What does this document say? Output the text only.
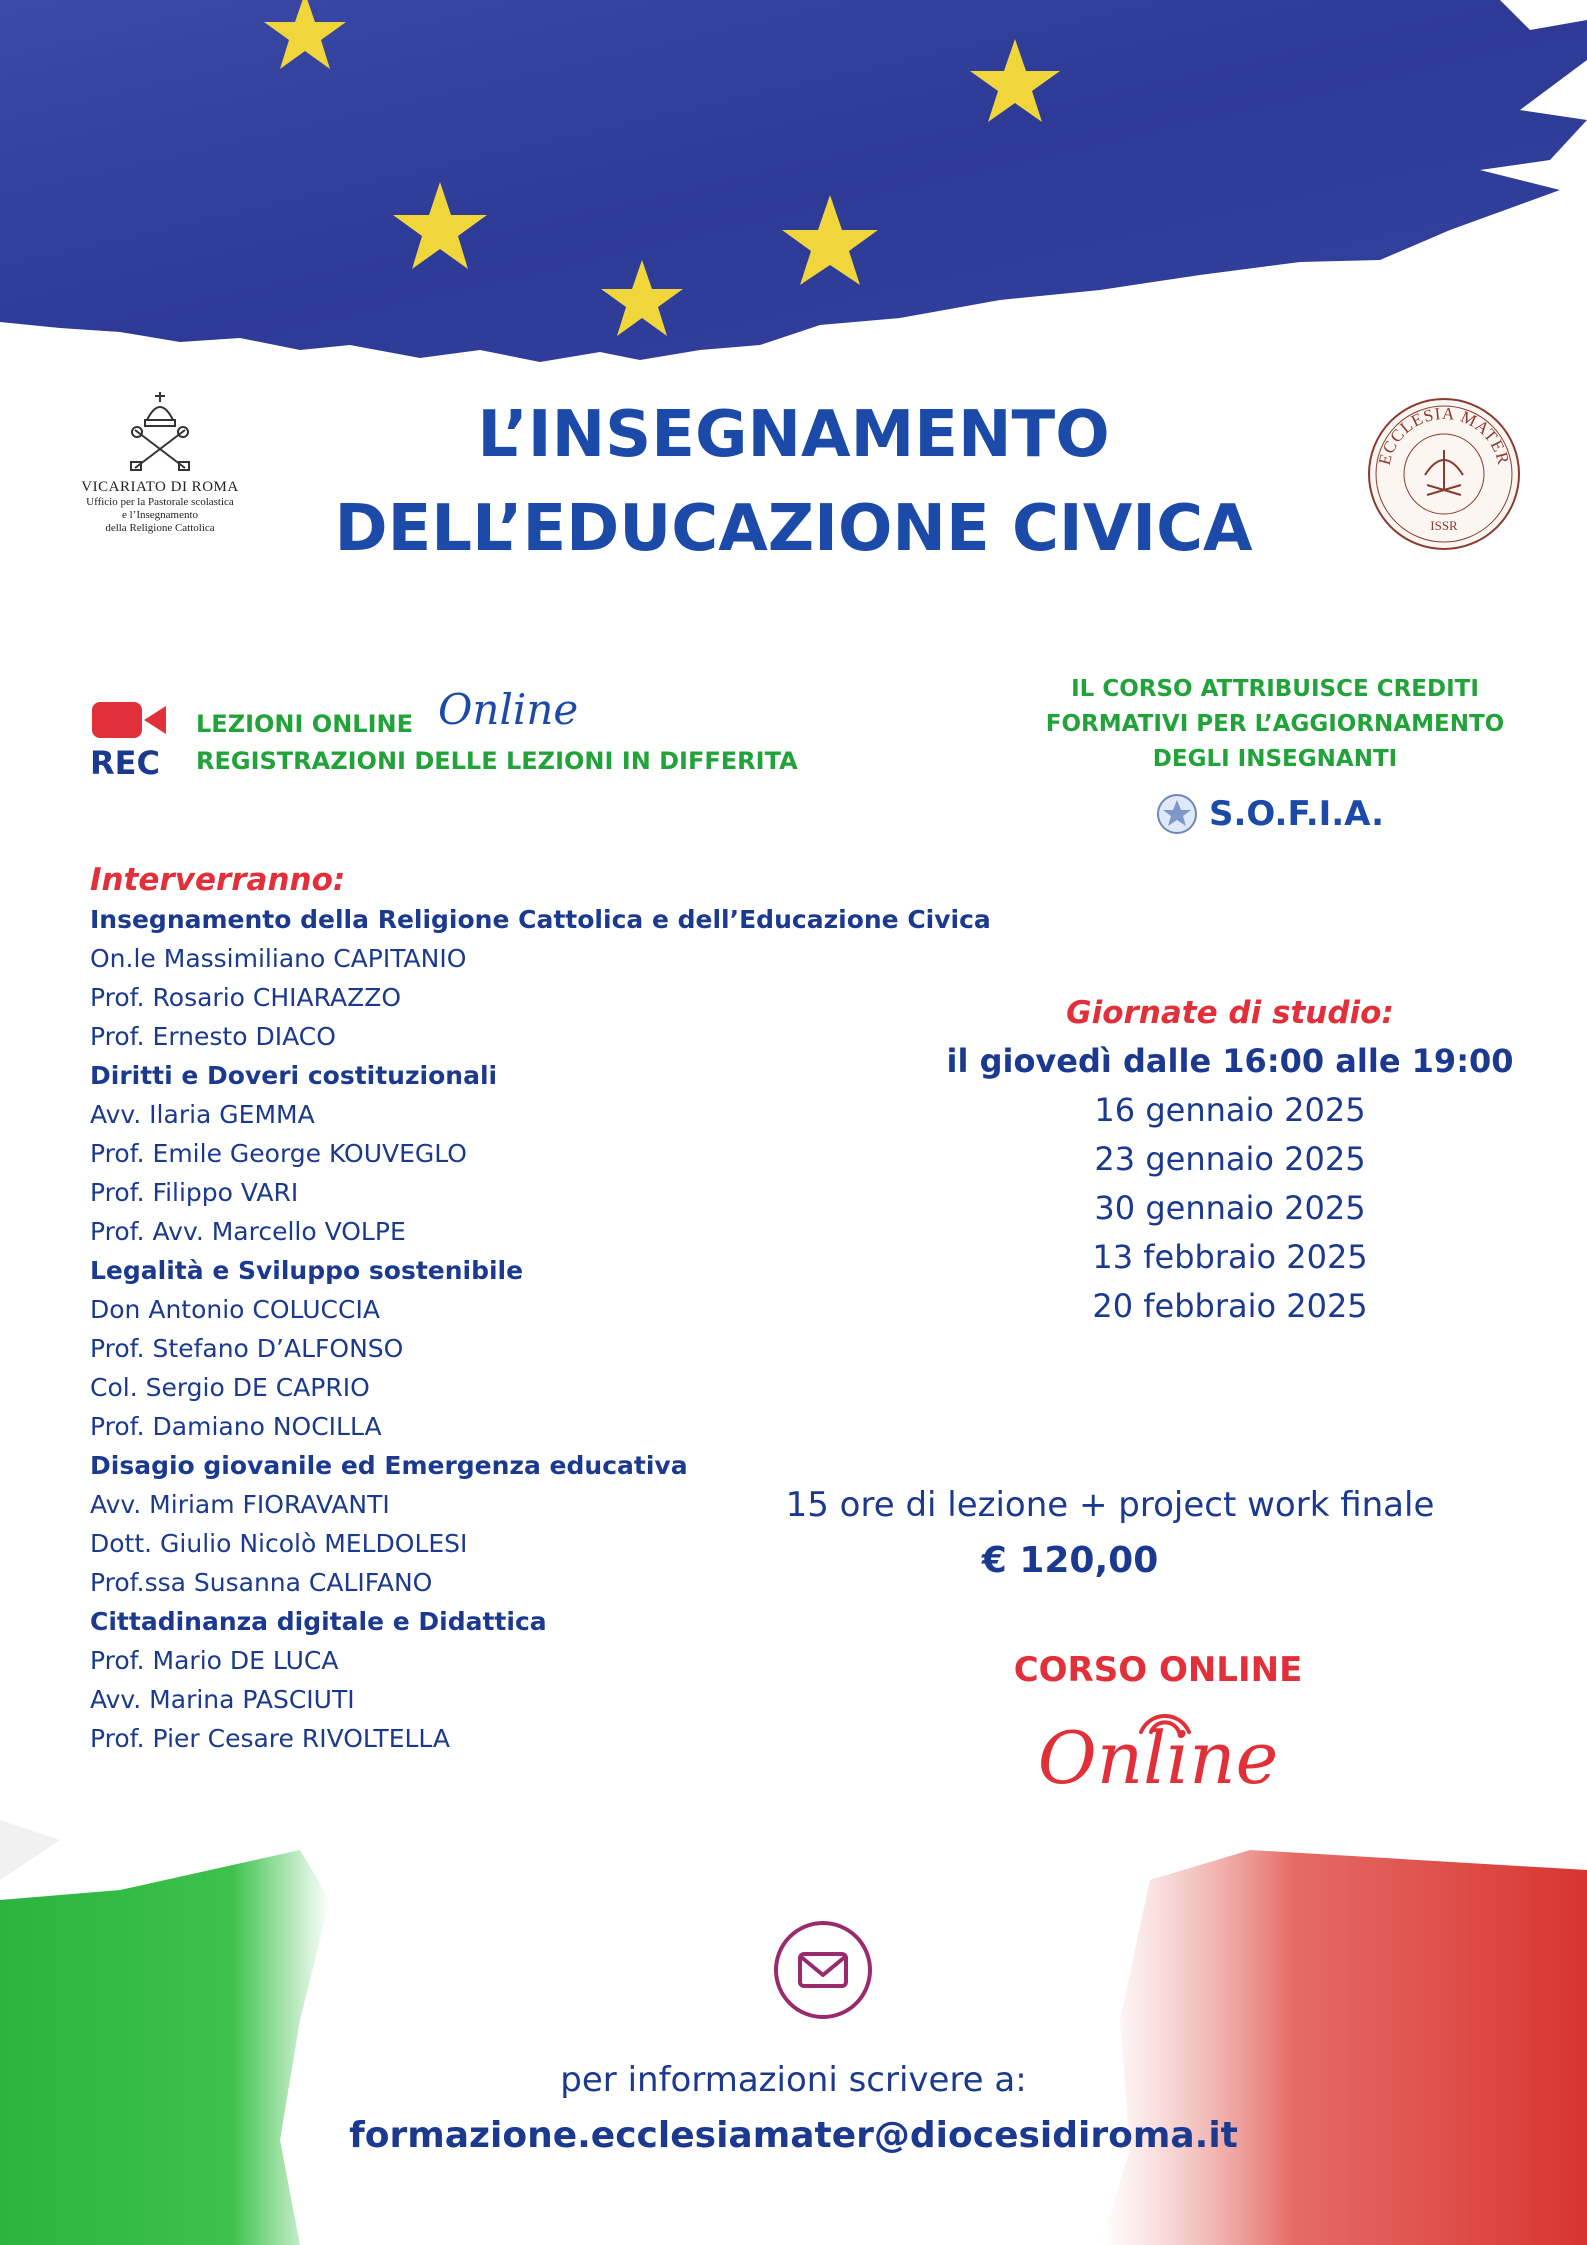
VICARIATO DI ROMA
Ufficio per la Pastorale scolastica
e l’Insegnamento
della Religione Cattolica
ECCLESIA MATER
ISSR
L’INSEGNAMENTO
DELL’EDUCAZIONE CIVICA
REC
LEZIONI ONLINE Online
REGISTRAZIONI DELLE LEZIONI IN DIFFERITA
IL CORSO ATTRIBUISCE CREDITI
FORMATIVI PER L’AGGIORNAMENTO
DEGLI INSEGNANTI
S.O.F.I.A.
Interverranno:
Insegnamento della Religione Cattolica e dell’Educazione Civica
On.le Massimiliano CAPITANIO
Prof. Rosario CHIARAZZO
Prof. Ernesto DIACO
Diritti e Doveri costituzionali
Avv. Ilaria GEMMA
Prof. Emile George KOUVEGLO
Prof. Filippo VARI
Prof. Avv. Marcello VOLPE
Legalità e Sviluppo sostenibile
Don Antonio COLUCCIA
Prof. Stefano D’ALFONSO
Col. Sergio DE CAPRIO
Prof. Damiano NOCILLA
Disagio giovanile ed Emergenza educativa
Avv. Miriam FIORAVANTI
Dott. Giulio Nicolò MELDOLESI
Prof.ssa Susanna CALIFANO
Cittadinanza digitale e Didattica
Prof. Mario DE LUCA
Avv. Marina PASCIUTI
Prof. Pier Cesare RIVOLTELLA
Giornate di studio:
il giovedì dalle 16:00 alle 19:00
16 gennaio 2025
23 gennaio 2025
30 gennaio 2025
13 febbraio 2025
20 febbraio 2025
15 ore di lezione + project work finale
€ 120,00
CORSO ONLINE
Online
per informazioni scrivere a:
formazione.ecclesiamater@diocesidiroma.it
